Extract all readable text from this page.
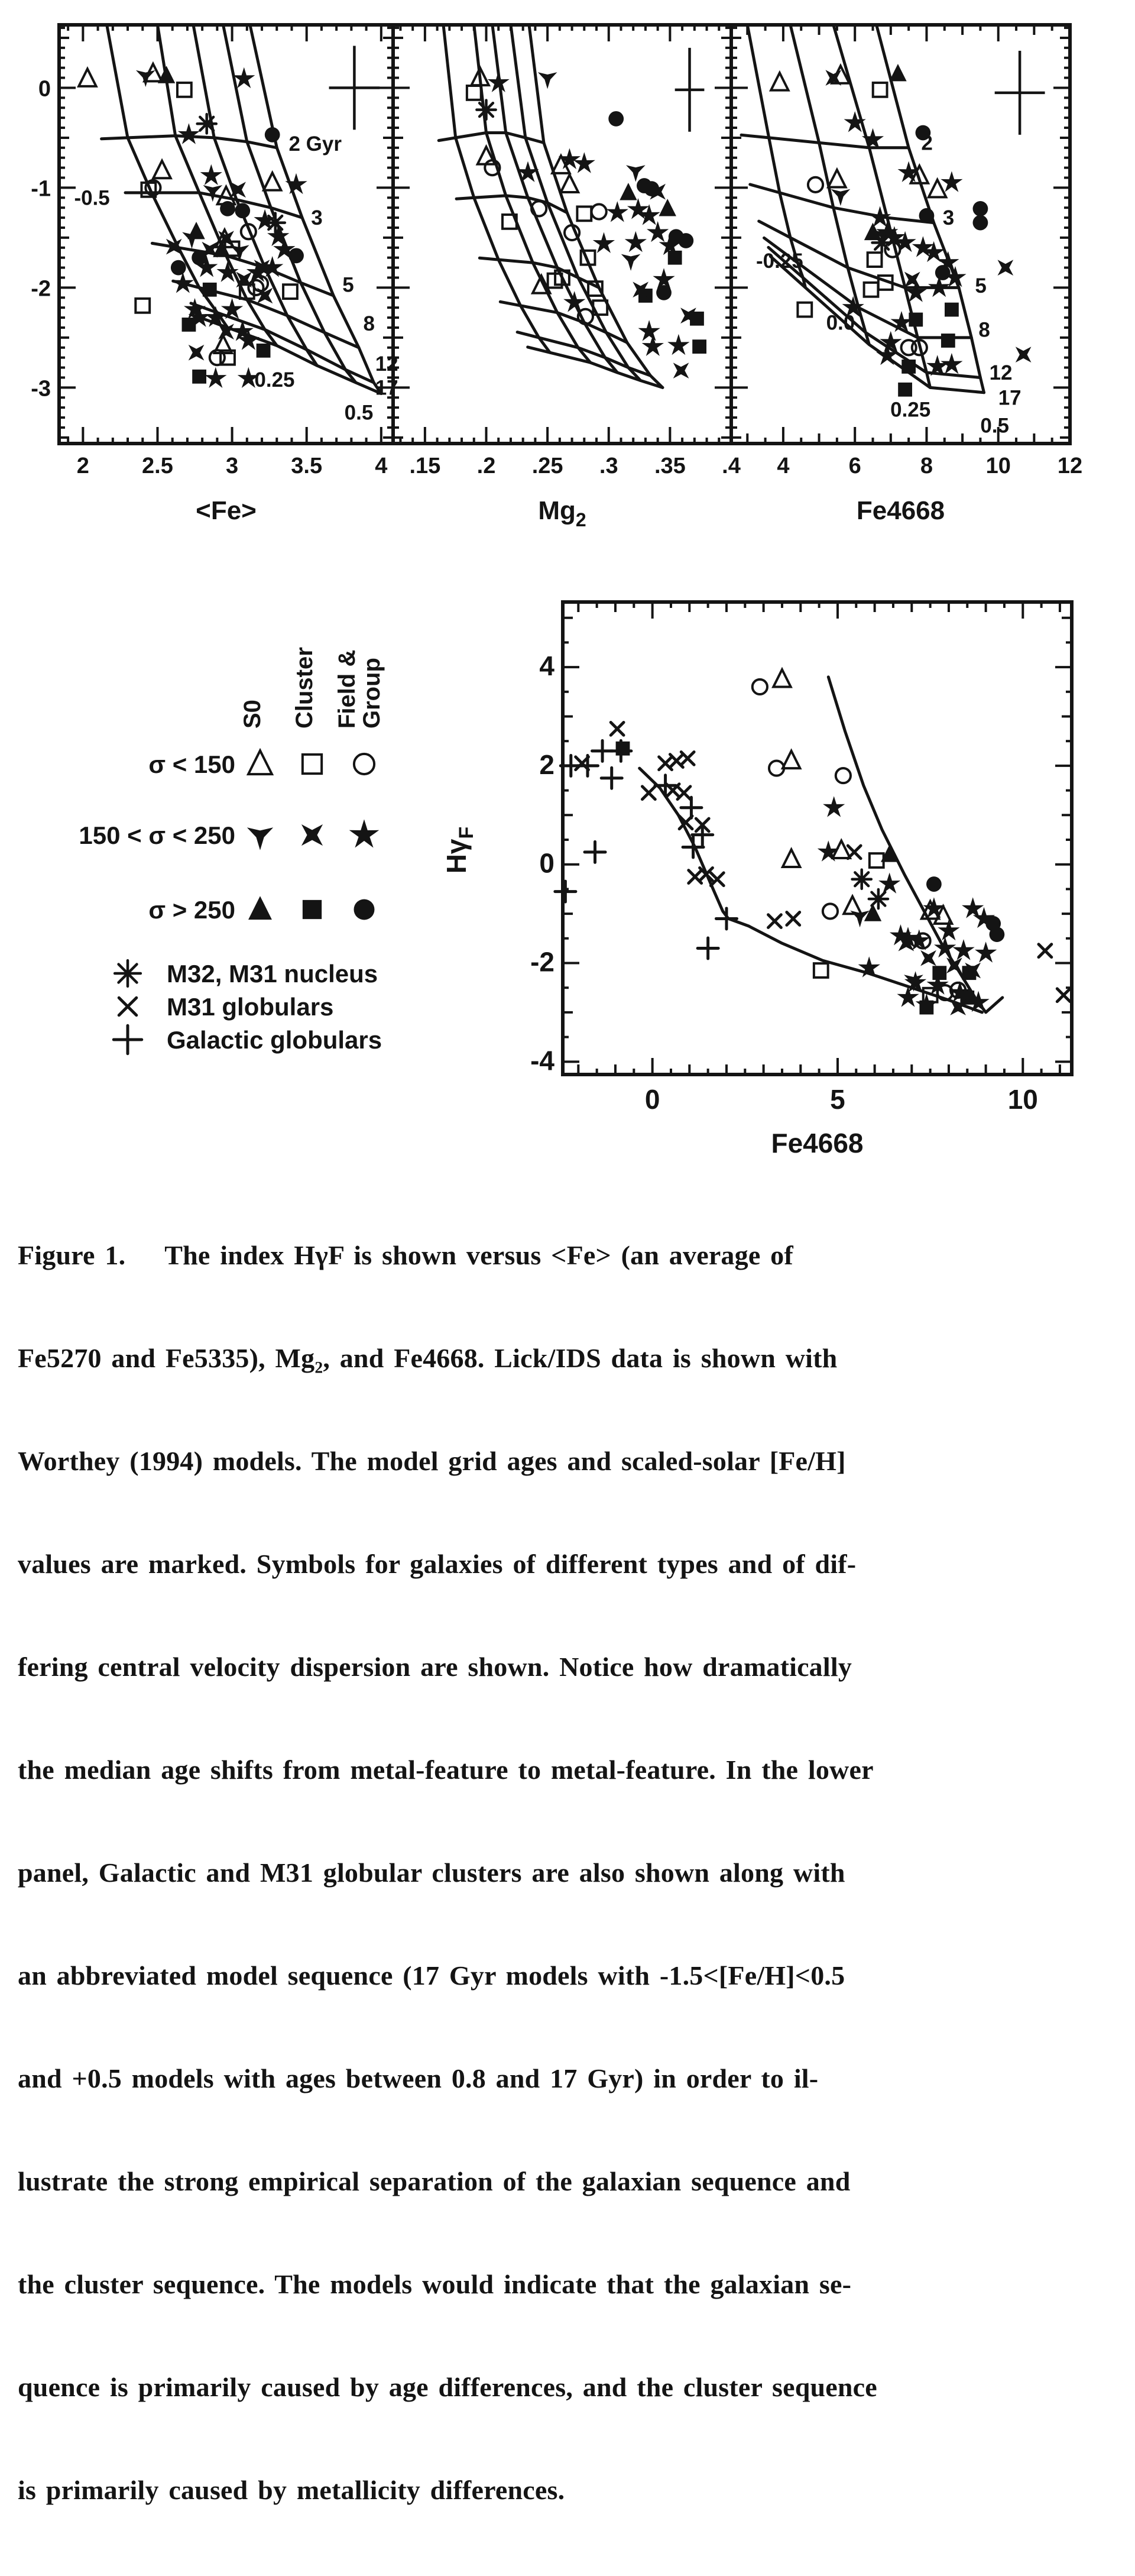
-0.5
2 Gyr
3
5
8
12
17
0.5
0.25
2 2.5 3 3.5 4
0
-1
-2
-3
<Fe>
.15 .2 .25 .3 .35 .4
$Mg_2$
-0.25
0.0
0.25
0.5
2
3
5
8
12
17
4	6	8 10 12
Fe4668
0	5	10
4
2
0
-2
-4
Fe4668
$H\gamma_F$
S0 Cluster Field &
Group
σ < 150
150 < σ < 250
σ > 250
M32, M31 nucleus
M31 globulars
Galactic globulars

Figure 1.    The index HγF is shown versus <Fe> (an average of

Fe5270 and Fe5335), Mg₂, and Fe4668. Lick/IDS data is shown with

Worthey (1994) models. The model grid ages and scaled-solar [Fe/H]

values are marked. Symbols for galaxies of different types and of dif-

fering central velocity dispersion are shown. Notice how dramatically

the median age shifts from metal-feature to metal-feature. In the lower

panel, Galactic and M31 globular clusters are also shown along with

an abbreviated model sequence (17 Gyr models with -1.5<[Fe/H]<0.5

and +0.5 models with ages between 0.8 and 17 Gyr) in order to il-

lustrate the strong empirical separation of the galaxian sequence and

the cluster sequence. The models would indicate that the galaxian se-

quence is primarily caused by age differences, and the cluster sequence

is primarily caused by metallicity differences.
